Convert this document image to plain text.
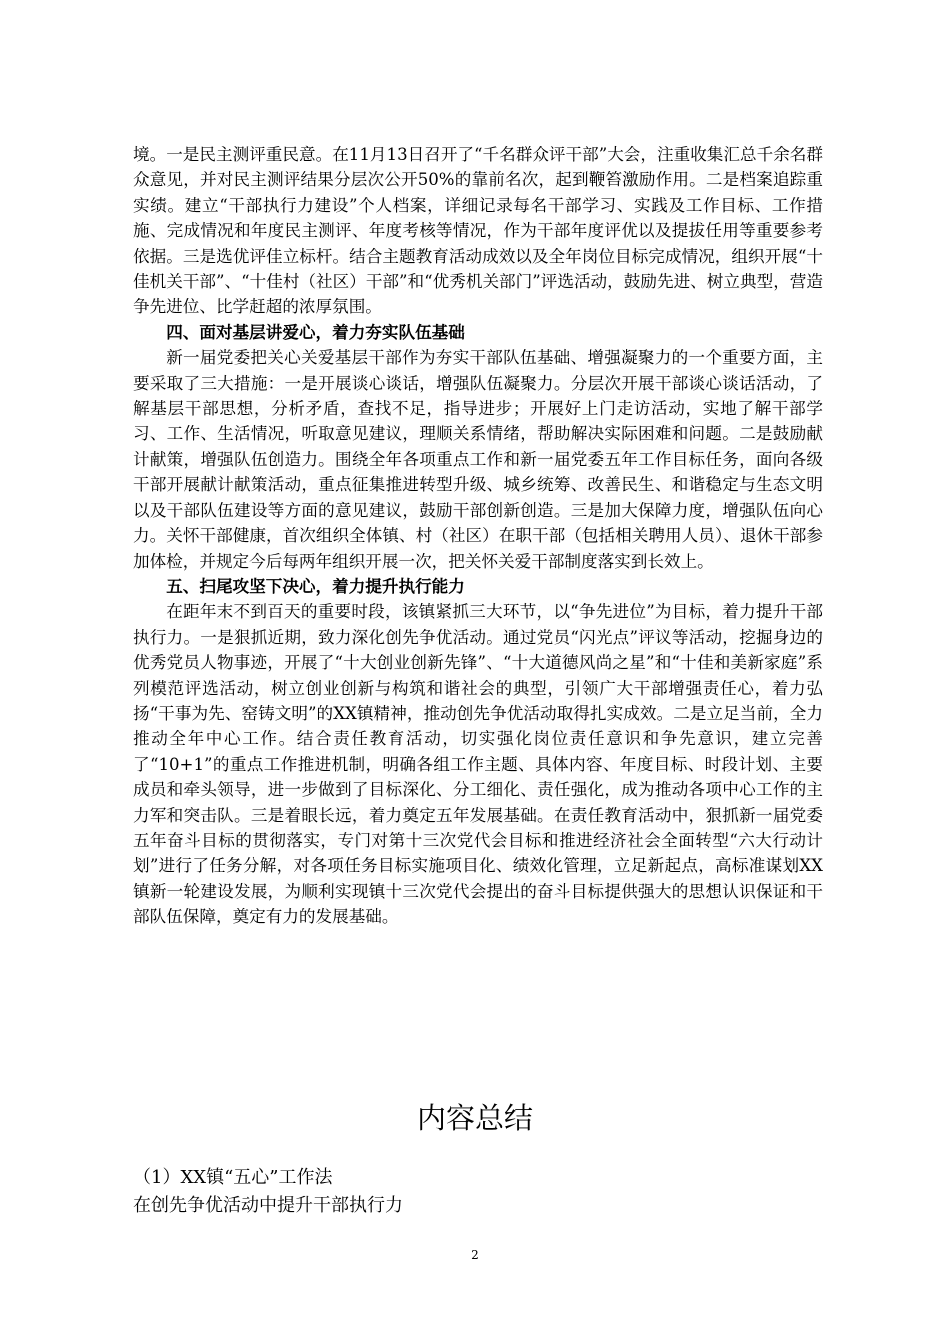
境。一是民主测评重民意。在11月13日召开了“千名群众评干部”大会，注重收集汇总千余名群众意见，并对民主测评结果分层次公开50%的靠前名次，起到鞭笞激励作用。二是档案追踪重实绩。建立“干部执行力建设”个人档案，详细记录每名干部学习、实践及工作目标、工作措施、完成情况和年度民主测评、年度考核等情况，作为干部年度评优以及提拔任用等重要参考依据。三是选优评佳立标杆。结合主题教育活动成效以及全年岗位目标完成情况，组织开展“十佳机关干部”、“十佳村（社区）干部”和“优秀机关部门”评选活动，鼓励先进、树立典型，营造争先进位、比学赶超的浓厚氛围。

四、面对基层讲爱心，着力夯实队伍基础

新一届党委把关心关爱基层干部作为夯实干部队伍基础、增强凝聚力的一个重要方面，主要采取了三大措施：一是开展谈心谈话，增强队伍凝聚力。分层次开展干部谈心谈话活动，了解基层干部思想，分析矛盾，查找不足，指导进步；开展好上门走访活动，实地了解干部学习、工作、生活情况，听取意见建议，理顺关系情绪，帮助解决实际困难和问题。二是鼓励献计献策，增强队伍创造力。围绕全年各项重点工作和新一届党委五年工作目标任务，面向各级干部开展献计献策活动，重点征集推进转型升级、城乡统筹、改善民生、和谐稳定与生态文明以及干部队伍建设等方面的意见建议，鼓励干部创新创造。三是加大保障力度，增强队伍向心力。关怀干部健康，首次组织全体镇、村（社区）在职干部（包括相关聘用人员）、退休干部参加体检，并规定今后每两年组织开展一次，把关怀关爱干部制度落实到长效上。

五、扫尾攻坚下决心，着力提升执行能力

在距年末不到百天的重要时段，该镇紧抓三大环节，以“争先进位”为目标，着力提升干部执行力。一是狠抓近期，致力深化创先争优活动。通过党员“闪光点”评议等活动，挖掘身边的优秀党员人物事迹，开展了“十大创业创新先锋”、“十大道德风尚之星”和“十佳和美新家庭”系列模范评选活动，树立创业创新与构筑和谐社会的典型，引领广大干部增强责任心，着力弘扬“干事为先、窑铸文明”的XX镇精神，推动创先争优活动取得扎实成效。二是立足当前，全力推动全年中心工作。结合责任教育活动，切实强化岗位责任意识和争先意识，建立完善了“10+1”的重点工作推进机制，明确各组工作主题、具体内容、年度目标、时段计划、主要成员和牵头领导，进一步做到了目标深化、分工细化、责任强化，成为推动各项中心工作的主力军和突击队。三是着眼长远，着力奠定五年发展基础。在责任教育活动中，狠抓新一届党委五年奋斗目标的贯彻落实，专门对第十三次党代会目标和推进经济社会全面转型“六大行动计划”进行了任务分解，对各项任务目标实施项目化、绩效化管理，立足新起点，高标准谋划XX镇新一轮建设发展，为顺利实现镇十三次党代会提出的奋斗目标提供强大的思想认识保证和干部队伍保障，奠定有力的发展基础。

内容总结

（1）XX镇“五心”工作法

在创先争优活动中提升干部执行力

2
